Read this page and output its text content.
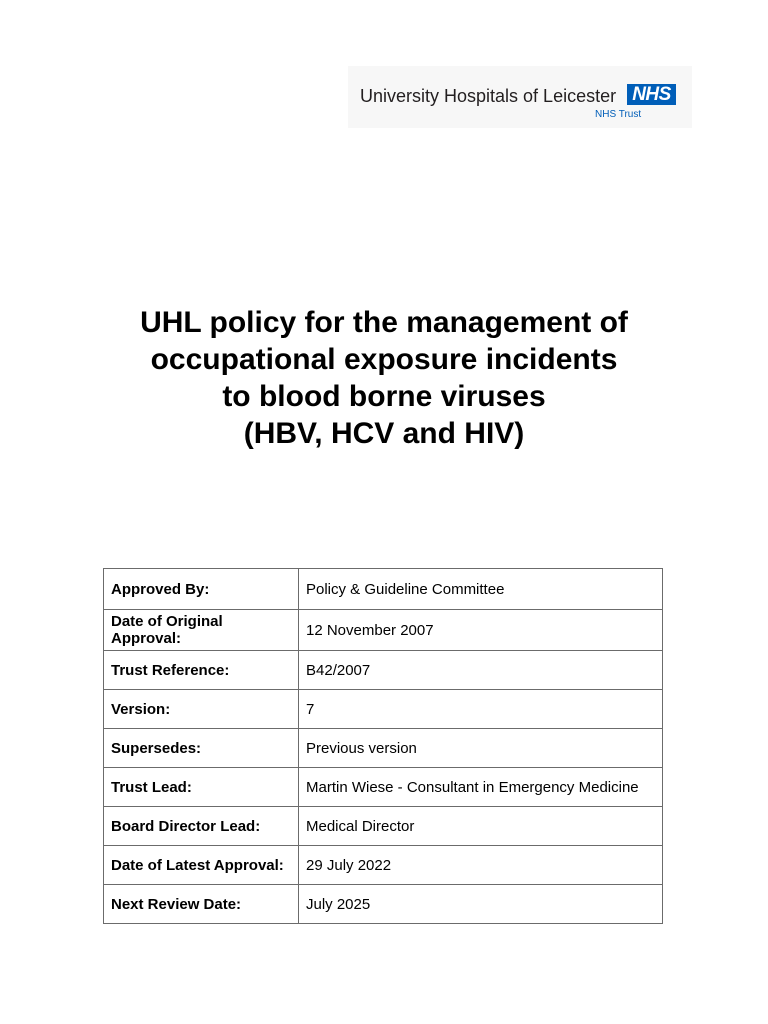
University Hospitals of Leicester NHS
NHS Trust
UHL policy for the management of
occupational exposure incidents
to blood borne viruses
(HBV, HCV and HIV)
Approved By:	Policy & Guideline Committee
Date of Original Approval:	12 November 2007
Trust Reference:	B42/2007
Version:	7
Supersedes:	Previous version
Trust Lead:	Martin Wiese - Consultant in Emergency Medicine
Board Director Lead:	Medical Director
Date of Latest Approval:	29 July 2022
Next Review Date:	July 2025
